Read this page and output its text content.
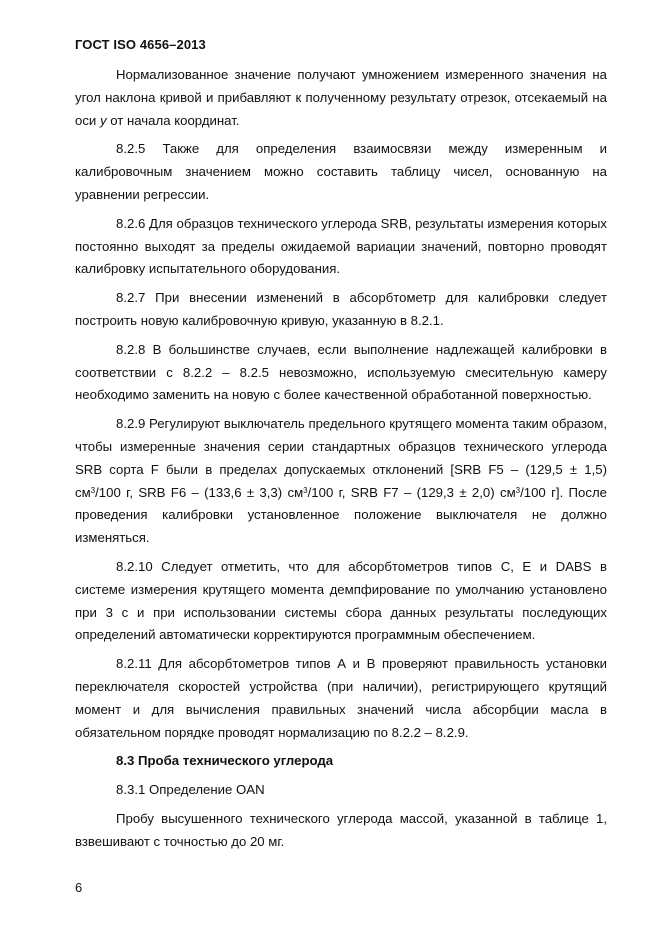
ГОСТ ISO 4656–2013

Нормализованное значение получают умножением измеренного значения на угол наклона кривой и прибавляют к полученному результату отрезок, отсекаемый на оси у от начала координат.

8.2.5 Также для определения взаимосвязи между измеренным и калибровочным значением можно составить таблицу чисел, основанную на уравнении регрессии.

8.2.6 Для образцов технического углерода SRB, результаты измерения которых постоянно выходят за пределы ожидаемой вариации значений, повторно проводят калибровку испытательного оборудования.

8.2.7 При внесении изменений в абсорбтометр для калибровки следует построить новую калибровочную кривую, указанную в 8.2.1.

8.2.8 В большинстве случаев, если выполнение надлежащей калибровки в соответствии с 8.2.2 – 8.2.5 невозможно, используемую смесительную камеру необходимо заменить на новую с более качественной обработанной поверхностью.

8.2.9 Регулируют выключатель предельного крутящего момента таким образом, чтобы измеренные значения серии стандартных образцов технического углерода SRB сорта F были в пределах допускаемых отклонений [SRB F5 – (129,5 ± 1,5) $см^3/100$ г, SRB F6 – (133,6 ± 3,3) $см^3/100$ г, SRB F7 – (129,3 ± 2,0) $см^3/100$ г]. После проведения калибровки установленное положение выключателя не должно изменяться.

8.2.10 Следует отметить, что для абсорбтометров типов С, Е и DABS в системе измерения крутящего момента демпфирование по умолчанию установлено при 3 с и при использовании системы сбора данных результаты последующих определений автоматически корректируются программным обеспечением.

8.2.11 Для абсорбтометров типов А и В проверяют правильность установки переключателя скоростей устройства (при наличии), регистрирующего крутящий момент и для вычисления правильных значений числа абсорбции масла в обязательном порядке проводят нормализацию по 8.2.2 – 8.2.9.

8.3 Проба технического углерода

8.3.1 Определение OAN

Пробу высушенного технического углерода массой, указанной в таблице 1, взвешивают с точностью до 20 мг.

6
